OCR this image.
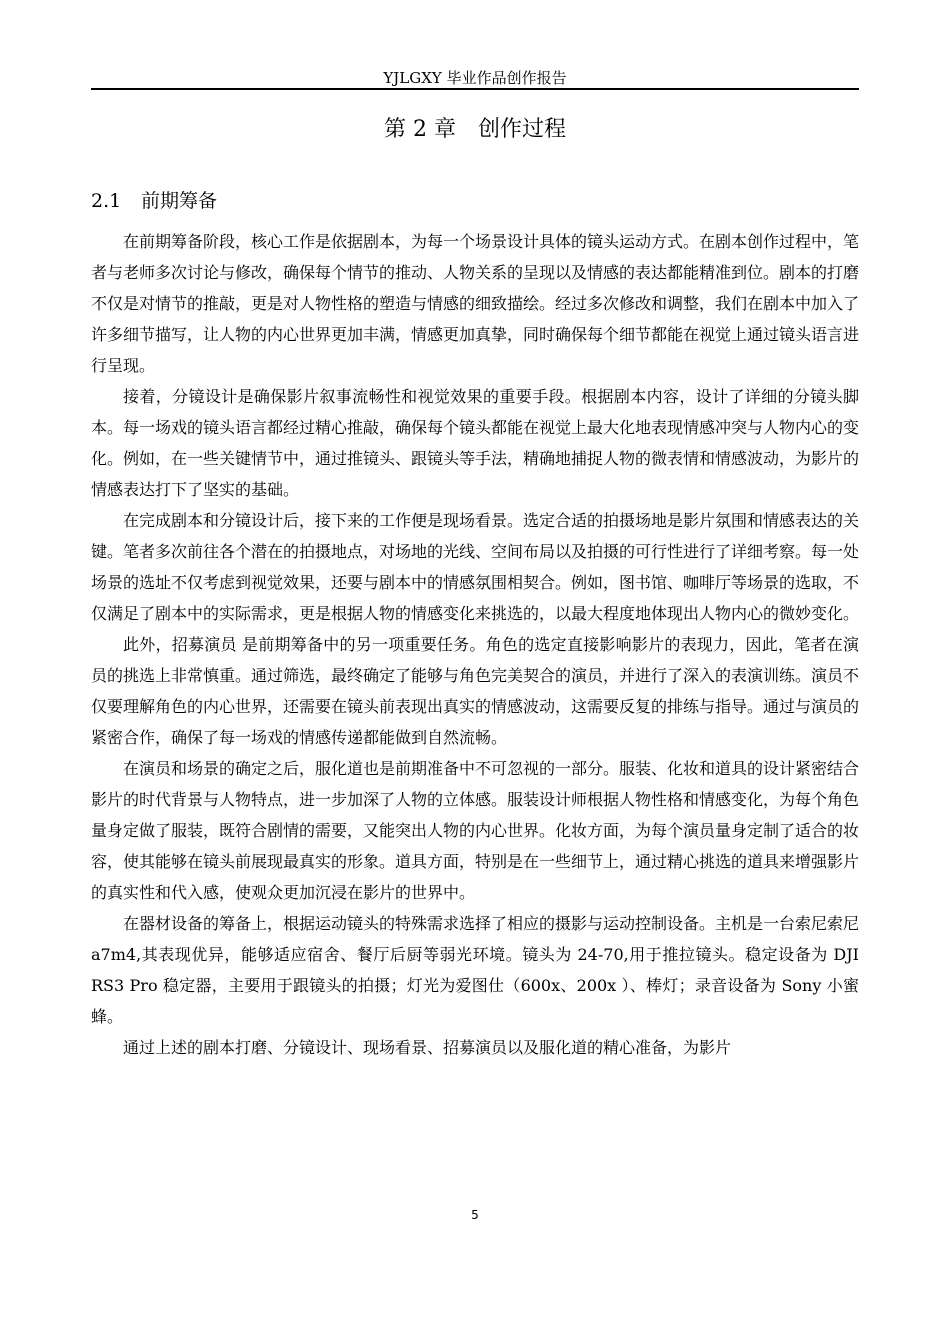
YJLGXY 毕业作品创作报告
第 2 章　创作过程
2.1 前期筹备

在前期筹备阶段，核心工作是依据剧本，为每一个场景设计具体的镜头运动方式。在剧本创作过程中，笔者与老师多次讨论与修改，确保每个情节的推动、人物关系的呈现以及情感的表达都能精准到位。剧本的打磨不仅是对情节的推敲，更是对人物性格的塑造与情感的细致描绘。经过多次修改和调整，我们在剧本中加入了许多细节描写，让人物的内心世界更加丰满，情感更加真挚，同时确保每个细节都能在视觉上通过镜头语言进行呈现。

接着，分镜设计是确保影片叙事流畅性和视觉效果的重要手段。根据剧本内容，设计了详细的分镜头脚本。每一场戏的镜头语言都经过精心推敲，确保每个镜头都能在视觉上最大化地表现情感冲突与人物内心的变化。例如，在一些关键情节中，通过推镜头、跟镜头等手法，精确地捕捉人物的微表情和情感波动，为影片的情感表达打下了坚实的基础。

在完成剧本和分镜设计后，接下来的工作便是现场看景。选定合适的拍摄场地是影片氛围和情感表达的关键。笔者多次前往各个潜在的拍摄地点，对场地的光线、空间布局以及拍摄的可行性进行了详细考察。每一处场景的选址不仅考虑到视觉效果，还要与剧本中的情感氛围相契合。例如，图书馆、咖啡厅等场景的选取，不仅满足了剧本中的实际需求，更是根据人物的情感变化来挑选的，以最大程度地体现出人物内心的微妙变化。

此外，招募演员 是前期筹备中的另一项重要任务。角色的选定直接影响影片的表现力，因此，笔者在演员的挑选上非常慎重。通过筛选，最终确定了能够与角色完美契合的演员，并进行了深入的表演训练。演员不仅要理解角色的内心世界，还需要在镜头前表现出真实的情感波动，这需要反复的排练与指导。通过与演员的紧密合作，确保了每一场戏的情感传递都能做到自然流畅。

在演员和场景的确定之后，服化道也是前期准备中不可忽视的一部分。服装、化妆和道具的设计紧密结合影片的时代背景与人物特点，进一步加深了人物的立体感。服装设计师根据人物性格和情感变化，为每个角色量身定做了服装，既符合剧情的需要，又能突出人物的内心世界。化妆方面，为每个演员量身定制了适合的妆容，使其能够在镜头前展现最真实的形象。道具方面，特别是在一些细节上，通过精心挑选的道具来增强影片的真实性和代入感，使观众更加沉浸在影片的世界中。

在器材设备的筹备上，根据运动镜头的特殊需求选择了相应的摄影与运动控制设备。主机是一台索尼索尼 a7m4,其表现优异，能够适应宿舍、餐厅后厨等弱光环境。镜头为 24-70,用于推拉镜头。稳定设备为 DJI RS3 Pro 稳定器，主要用于跟镜头的拍摄；灯光为爱图仕（600x、200x ）、棒灯；录音设备为 Sony 小蜜蜂。

通过上述的剧本打磨、分镜设计、现场看景、招募演员以及服化道的精心准备，为影片

5
